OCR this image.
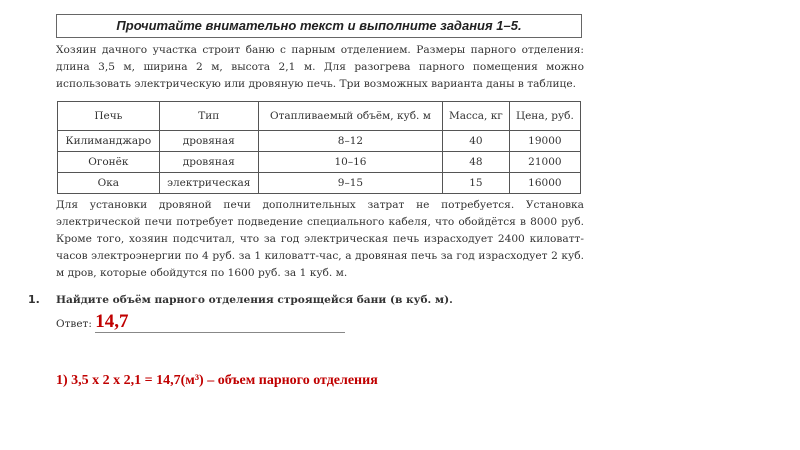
Прочитайте внимательно текст и выполните задания 1–5.
Хозяин дачного участка строит баню с парным отделением. Размеры парного отделения: длина 3,5 м, ширина 2 м, высота 2,1 м. Для разогрева парного помещения можно использовать электрическую или дровяную печь. Три возможных варианта даны в таблице.
Печь	Тип	Отапливаемый объём, куб. м	Масса, кг	Цена, руб.
Килиманджаро	дровяная	8–12	40	19000
Огонёк	дровяная	10–16	48	21000
Ока	электрическая	9–15	15	16000
Для установки дровяной печи дополнительных затрат не потребуется. Установка электрической печи потребует подведение специального кабеля, что обойдётся в 8000 руб. Кроме того, хозяин подсчитал, что за год электрическая печь израсходует 2400 киловатт-часов электроэнергии по 4 руб. за 1 киловатт-час, а дровяная печь за год израсходует 2 куб. м дров, которые обойдутся по 1600 руб. за 1 куб. м.
1. Найдите объём парного отделения строящейся бани (в куб. м).
Ответ: 14,7
1) 3,5 x 2 x 2,1 = 14,7(м³) – объем парного отделения
